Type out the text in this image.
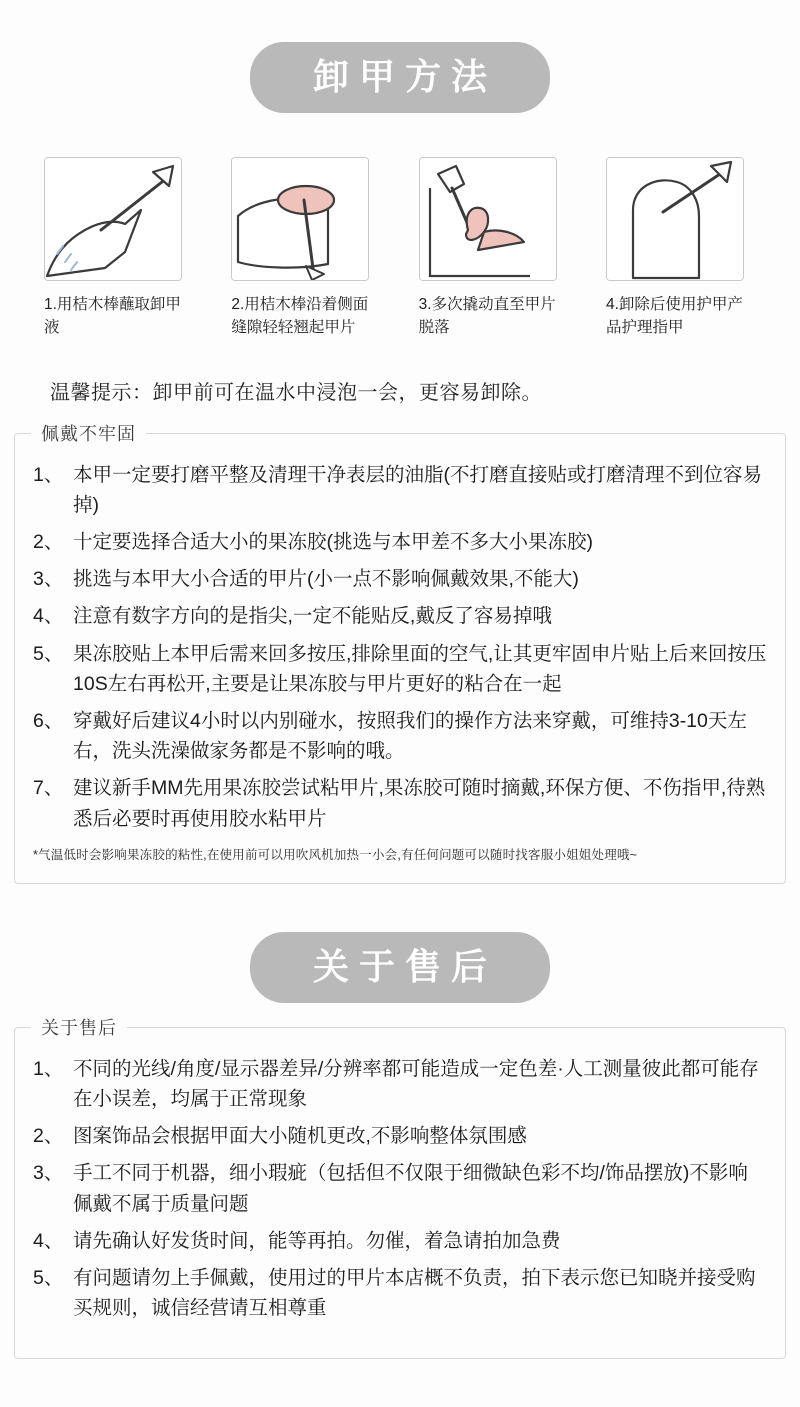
卸甲方法
1.用桔木棒蘸取卸甲液
2.用桔木棒沿着侧面缝隙轻轻翘起甲片
3.多次撬动直至甲片脱落
4.卸除后使用护甲产品护理指甲
温馨提示：卸甲前可在温水中浸泡一会，更容易卸除。
佩戴不牢固
1、 本甲一定要打磨平整及清理干净表层的油脂(不打磨直接贴或打磨清理不到位容易掉)
2、 十定要选择合适大小的果冻胶(挑选与本甲差不多大小果冻胶)
3、 挑选与本甲大小合适的甲片(小一点不影响佩戴效果,不能大)
4、 注意有数字方向的是指尖,一定不能贴反,戴反了容易掉哦
5、 果冻胶贴上本甲后需来回多按压,排除里面的空气,让其更牢固申片贴上后来回按压10S左右再松开,主要是让果冻胶与甲片更好的粘合在一起
6、 穿戴好后建议4小时以内别碰水，按照我们的操作方法来穿戴，可维持3-10天左右，洗头洗澡做家务都是不影响的哦。
7、 建议新手MM先用果冻胶尝试粘甲片,果冻胶可随时摘戴,环保方便、不伤指甲,待熟悉后必要时再使用胶水粘甲片
*气温低时会影响果冻胶的粘性,在使用前可以用吹风机加热一小会,有任何问题可以随时找客服小姐姐处理哦~
关于售后
关于售后
1、 不同的光线/角度/显示器差异/分辨率都可能造成一定色差·人工测量彼此都可能存在小误差，均属于正常现象
2、 图案饰品会根据甲面大小随机更改,不影响整体氛围感
3、 手工不同于机器，细小瑕疵（包括但不仅限于细微缺色彩不均/饰品摆放)不影响佩戴不属于质量问题
4、 请先确认好发货时间，能等再拍。勿催，着急请拍加急费
5、 有问题请勿上手佩戴，使用过的甲片本店概不负责，拍下表示您已知晓并接受购买规则，诚信经营请互相尊重
